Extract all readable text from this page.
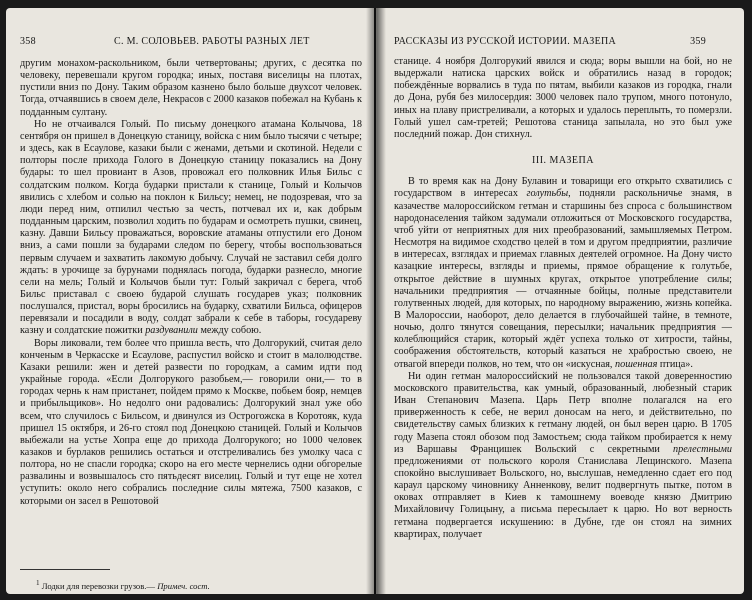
358	С. М. СОЛОВЬЕВ. РАБОТЫ РАЗНЫХ ЛЕТ

другим монахом-раскольником, были четвертованы; других, с десятка по человеку, перевешали кругом городка; иных, поставя виселицы на плотах, пустили вниз по Дону. Таким образом казнено было больше двухсот человек. Тогда, отчаявшись в своем деле, Некрасов с 2000 казаков побежал на Кубань к подданным султану.

Но не отчаивался Голый. По письму донецкого атамана Колычова, 18 сентября он пришел в Донецкую станицу, войска с ним было тысячи с четыре; и здесь, как в Есаулове, казаки были с женами, детьми и скотиной. Недели с полторы после прихода Голого в Донецкую станицу показались на Дону будары: то шел провиант в Азов, провожал его полковник Илья Бильс с солдатским полком. Когда бударки пристали к станице, Голый и Колычов явились с хлебом и солью на поклон к Бильсу; немец, не подозревая, что за люди перед ним, отпилил честью за честь, потчевал их и, как добрым подданным царским, позволил ходить по бударам и осмотреть пушки, свинец, казну. Давши Бильсу проважаться, воровские атаманы отпустили его Доном вниз, а сами пошли за бударами следом по берегу, чтобы воспользоваться первым случаем и захватить лакомую добычу. Случай не заставил себя долго ждать: в урочище за бурунами поднялась погода, бударки разнесло, многие сели на мель; Голый и Колычов были тут: Голый закричал с берега, чтоб Бильс приставал с своею бударой слушать государев указ; полковник послушался, пристал, воры бросились на бударку, схватили Бильса, офицеров перевязали и посадили в воду, солдат забрали к себе в таборы, государеву казну и солдатские пожитки раздуванили между собою.

Воры ликовали, тем более что пришла весть, что Долгорукий, считая дело конченым в Черкасске и Есаулове, распустил войско и стоит в малолюдстве. Казаки решили: жен и детей развести по городкам, а самим идти под украйные города. «Если Долгорукого разобьем,— говорили они,— то в городах чернь к нам пристанет, пойдем прямо к Москве, побьем бояр, немцев и прибыльщиков». Но недолго они радовались: Долгорукий знал уже обо всем, что случилось с Бильсом, и двинулся из Острогожска в Коротояк, куда пришел 15 октября, и 26-го стоял под Донецкою станицей. Голый и Колычов выбежали на устье Хопра еще до прихода Долгорукого; но 1000 человек казаков и бурлаков решились остаться и отстреливались без умолку часа с полтора, но не спасли городка; скоро на его месте чернелись одни обгорелые развалины и возвышалось сто пятьдесят виселиц. Голый и тут еще не хотел уступить: около него собрались последние силы мятежа, 7500 казаков, с которыми он засел в Решотовой

$^1$ Лодки для перевозки грузов.— Примеч. сост.
РАССКАЗЫ ИЗ РУССКОЙ ИСТОРИИ. МАЗЕПА	359

станице. 4 ноября Долгорукий явился и сюда; воры вышли на бой, но не выдержали натиска царских войск и обратились назад в городок; побеждённые ворвались в туда по пятам, выбили казаков из городка, гнали до Дона, рубя без милосердия: 3000 человек пало трупом, много потонуло, иных на плаву пристреливали, а которых и удалось переплыть, то померзли. Голый ушел сам-третей; Решотова станица запылала, но это был уже последний пожар. Дон стихнул.

III. МАЗЕПА

В то время как на Дону Булавин и товарищи его открыто схватились с государством в интересах голутьбы, подняли раскольничье знамя, в казачестве малороссийском гетман и старшины без спроса с большинством народонаселения тайком задумали отложиться от Московского государства, чтоб уйти от неприятных для них преобразований, замышляемых Петром. Несмотря на видимое сходство целей в том и другом предприятии, различие в интересах, взглядах и приемах главных деятелей огромное. На Дону чисто казацкие интересы, взгляды и приемы, прямое обращение к голутьбе, открытое действие в шумных кругах, открытое употребление силы; начальники предприятия — отчаянные бойцы, полные представители голутвенных людей, для которых, по народному выражению, жизнь копейка. В Малороссии, наоборот, дело делается в глубочайшей тайне, в темноте, ночью, долго тянутся совещания, пересылки; начальник предприятия — колеблющийся старик, который ждёт успеха только от хитрости, тайны, соображения обстоятельств, который казаться не храбростью своею, не отвагой впереди полков, но тем, что он «искусная, пошенная птица».

Ни один гетман малороссийский не пользовался такой доверенностию московского правительства, как умный, образованный, любезный старик Иван Степанович Мазепа. Царь Петр вполне полагался на его приверженность к себе, не верил доносам на него, и действительно, по свидетельству самых близких к гетману людей, он был верен царю. В 1705 году Мазепа стоял обозом под Замостьем; сюда тайком пробирается к нему из Варшавы Францишек Вольский с секретными прелестными предложениями от польского короля Станислава Лещинского. Мазепа спокойно выслушивает Вольского, но, выслушав, немедленно сдает его под караул царскому чиновнику Анненкову, велит подвергнуть пытке, потом в оковах отправляет в Киев к тамошнему воеводе князю Дмитрию Михайловичу Голицыну, а письма пересылает к царю. Но вот верность гетмана подвергается искушению: в Дубне, где он стоял на зимних квартирах, получает
